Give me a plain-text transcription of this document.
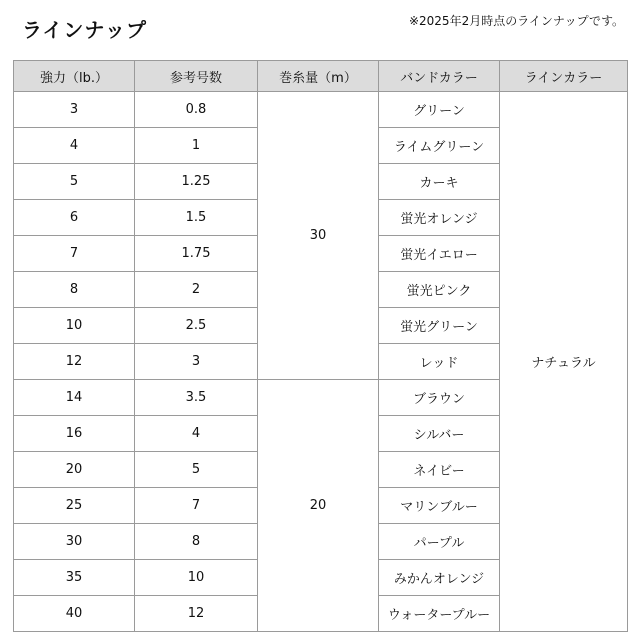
ラインナップ	※2025年2月時点のラインナップです。
強力（lb.）	参考号数	巻糸量（m）	バンドカラー	ラインカラー
3	0.8	30	グリーン	ナチュラル
4	1		ライムグリーン	
5	1.25		カーキ	
6	1.5		蛍光オレンジ	
7	1.75		蛍光イエロー	
8	2		蛍光ピンク	
10	2.5		蛍光グリーン	
12	3		レッド	
14	3.5	20	ブラウン	
16	4		シルバー	
20	5		ネイビー	
25	7		マリンブルー	
30	8		パープル	
35	10		みかんオレンジ	
40	12		ウォータープルー	
